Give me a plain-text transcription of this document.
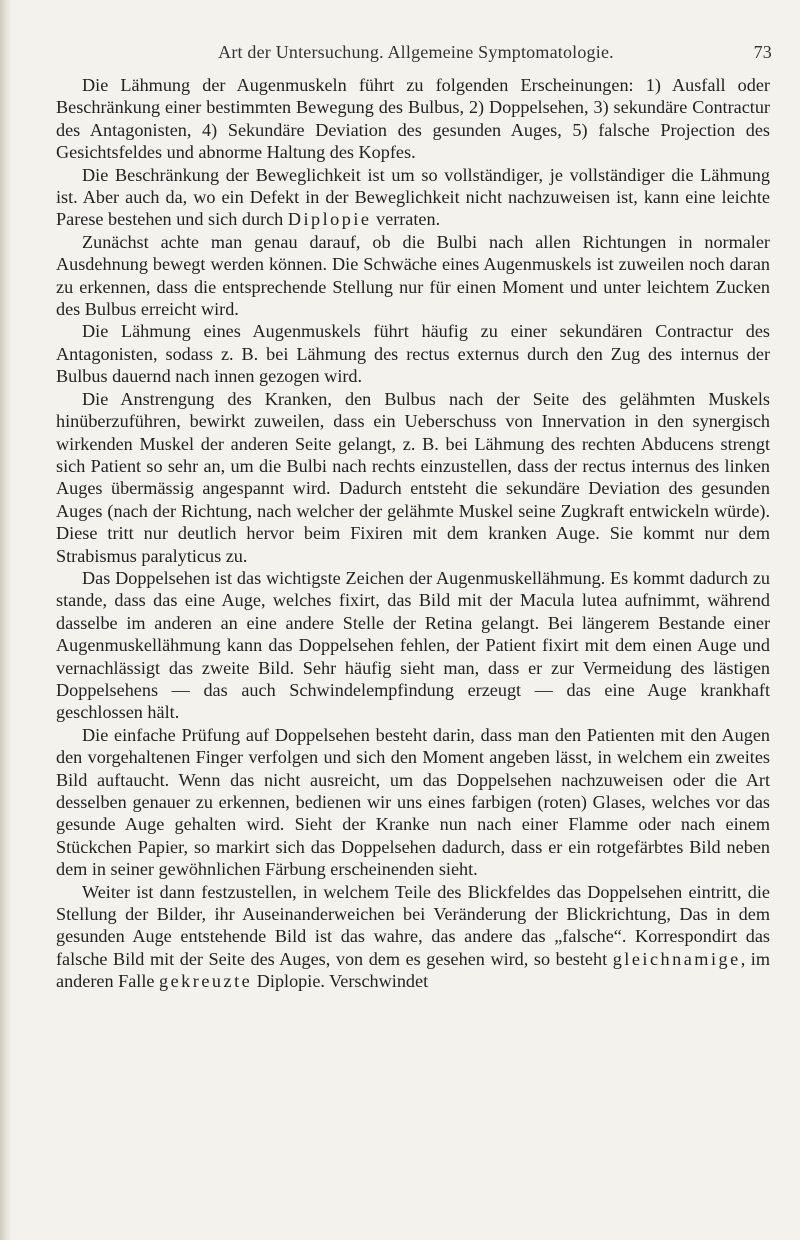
Art der Untersuchung. Allgemeine Symptomatologie.	73

Die Lähmung der Augenmuskeln führt zu folgenden Erscheinungen: 1) Ausfall oder Beschränkung einer bestimmten Bewegung des Bulbus, 2) Doppelsehen, 3) sekundäre Contractur des Antagonisten, 4) Sekundäre Deviation des gesunden Auges, 5) falsche Projection des Gesichtsfeldes und abnorme Haltung des Kopfes.

Die Beschränkung der Beweglichkeit ist um so vollständiger, je vollständiger die Lähmung ist. Aber auch da, wo ein Defekt in der Beweglichkeit nicht nachzuweisen ist, kann eine leichte Parese bestehen und sich durch Diplopie verraten.

Zunächst achte man genau darauf, ob die Bulbi nach allen Richtungen in normaler Ausdehnung bewegt werden können. Die Schwäche eines Augenmuskels ist zuweilen noch daran zu erkennen, dass die entsprechende Stellung nur für einen Moment und unter leichtem Zucken des Bulbus erreicht wird.

Die Lähmung eines Augenmuskels führt häufig zu einer sekundären Contractur des Antagonisten, sodass z. B. bei Lähmung des rectus externus durch den Zug des internus der Bulbus dauernd nach innen gezogen wird.

Die Anstrengung des Kranken, den Bulbus nach der Seite des gelähmten Muskels hinüberzuführen, bewirkt zuweilen, dass ein Ueberschuss von Innervation in den synergisch wirkenden Muskel der anderen Seite gelangt, z. B. bei Lähmung des rechten Abducens strengt sich Patient so sehr an, um die Bulbi nach rechts einzustellen, dass der rectus internus des linken Auges übermässig angespannt wird. Dadurch entsteht die sekundäre Deviation des gesunden Auges (nach der Richtung, nach welcher der gelähmte Muskel seine Zugkraft entwickeln würde). Diese tritt nur deutlich hervor beim Fixiren mit dem kranken Auge. Sie kommt nur dem Strabismus paralyticus zu.

Das Doppelsehen ist das wichtigste Zeichen der Augenmuskellähmung. Es kommt dadurch zu stande, dass das eine Auge, welches fixirt, das Bild mit der Macula lutea aufnimmt, während dasselbe im anderen an eine andere Stelle der Retina gelangt. Bei längerem Bestande einer Augenmuskellähmung kann das Doppelsehen fehlen, der Patient fixirt mit dem einen Auge und vernachlässigt das zweite Bild. Sehr häufig sieht man, dass er zur Vermeidung des lästigen Doppelsehens — das auch Schwindelempfindung erzeugt — das eine Auge krankhaft geschlossen hält.

Die einfache Prüfung auf Doppelsehen besteht darin, dass man den Patienten mit den Augen den vorgehaltenen Finger verfolgen und sich den Moment angeben lässt, in welchem ein zweites Bild auftaucht. Wenn das nicht ausreicht, um das Doppelsehen nachzuweisen oder die Art desselben genauer zu erkennen, bedienen wir uns eines farbigen (roten) Glases, welches vor das gesunde Auge gehalten wird. Sieht der Kranke nun nach einer Flamme oder nach einem Stückchen Papier, so markirt sich das Doppelsehen dadurch, dass er ein rotgefärbtes Bild neben dem in seiner gewöhnlichen Färbung erscheinenden sieht.

Weiter ist dann festzustellen, in welchem Teile des Blickfeldes das Doppelsehen eintritt, die Stellung der Bilder, ihr Auseinanderweichen bei Veränderung der Blickrichtung, Das in dem gesunden Auge entstehende Bild ist das wahre, das andere das „falsche“. Korrespondirt das falsche Bild mit der Seite des Auges, von dem es gesehen wird, so besteht gleichnamige, im anderen Falle gekreuzte Diplopie. Verschwindet
